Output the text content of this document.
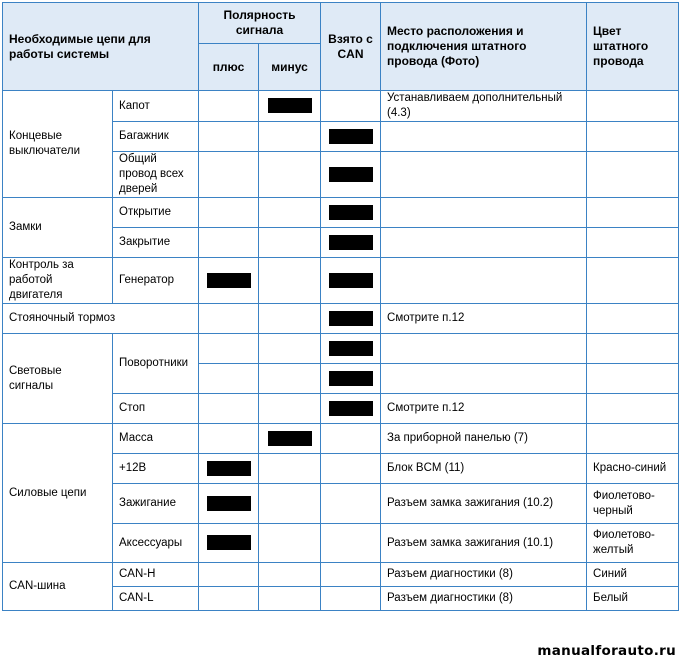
Необходимые цепи для работы системы		Полярность сигнала		Взято с CAN	Место расположения и подключения штатного провода (Фото)	Цвет штатного провода
		плюс	минус			
Концевые выключатели	Капот				Устанавливаем дополнительный (4.3)	
	Багажник					
	Общий провод всех дверей					
Замки	Открытие					
	Закрытие					
Контроль за работой двигателя	Генератор					
Стояночный тормоз					Смотрите п.12	
Световые сигналы	Поворотники					

	Стоп				Смотрите п.12	
Силовые цепи	Масса				За приборной панелью (7)	
	+12В				Блок BCM (11)	Красно-синий
	Зажигание				Разъем замка зажигания (10.2)	Фиолетово-черный
	Аксессуары				Разъем замка зажигания (10.1)	Фиолетово-желтый
CAN-шина	CAN-H				Разъем диагностики (8)	Синий
	CAN-L				Разъем диагностики (8)	Белый
manualforauto.ru
